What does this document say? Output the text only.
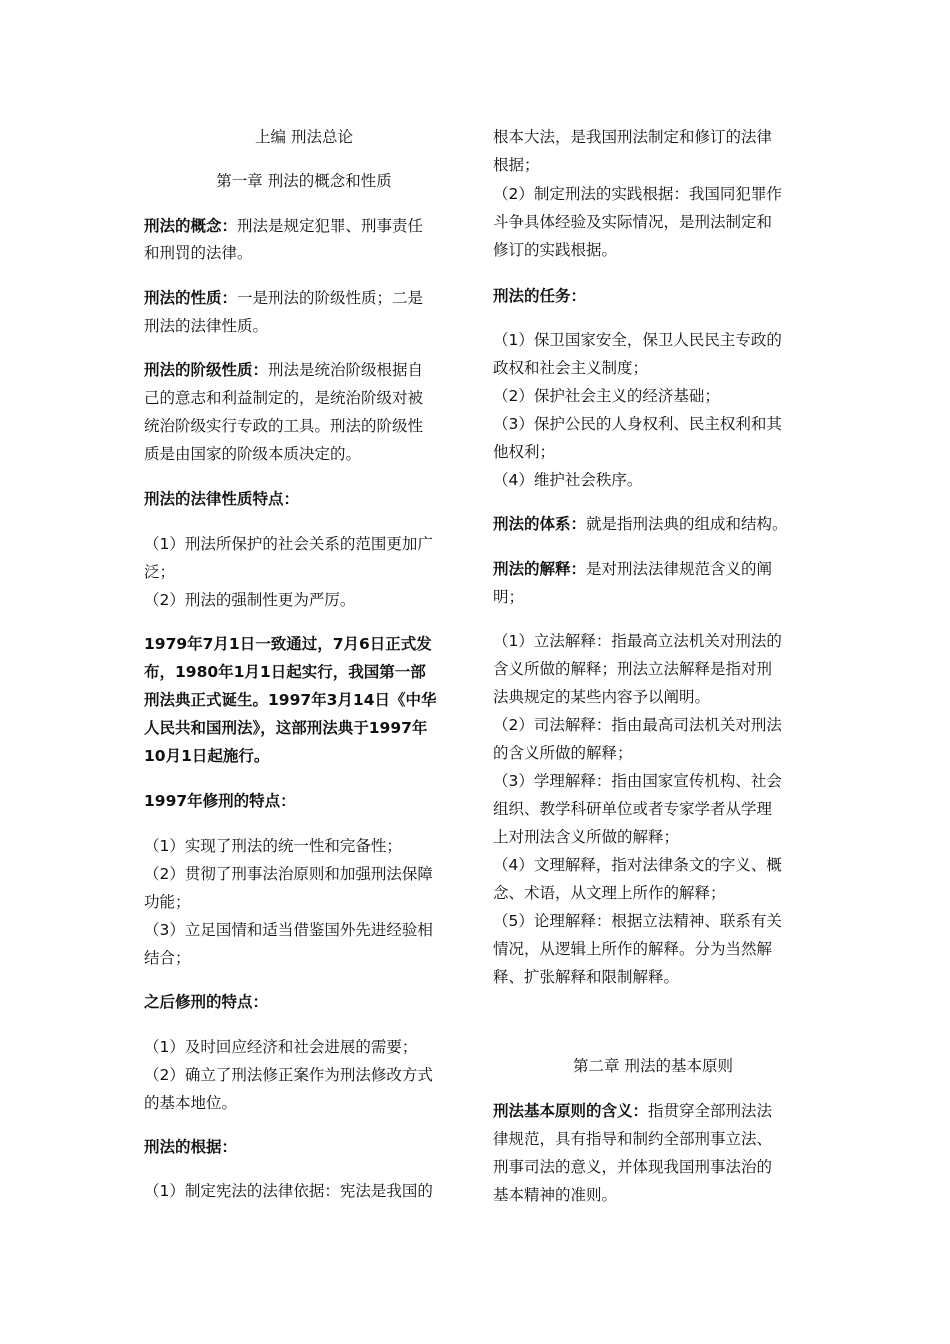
上编 刑法总论
第一章 刑法的概念和性质
刑法的概念：刑法是规定犯罪、刑事责任
和刑罚的法律。
刑法的性质：一是刑法的阶级性质；二是
刑法的法律性质。
刑法的阶级性质：刑法是统治阶级根据自
己的意志和利益制定的，是统治阶级对被
统治阶级实行专政的工具。刑法的阶级性
质是由国家的阶级本质决定的。
刑法的法律性质特点：
（1）刑法所保护的社会关系的范围更加广
泛；
（2）刑法的强制性更为严厉。
1979年7月1日一致通过，7月6日正式发
布，1980年1月1日起实行，我国第一部
刑法典正式诞生。1997年3月14日《中华
人民共和国刑法》，这部刑法典于1997年
10月1日起施行。
1997年修刑的特点：
（1）实现了刑法的统一性和完备性；
（2）贯彻了刑事法治原则和加强刑法保障
功能；
（3）立足国情和适当借鉴国外先进经验相
结合；
之后修刑的特点：
（1）及时回应经济和社会进展的需要；
（2）确立了刑法修正案作为刑法修改方式
的基本地位。
刑法的根据：
（1）制定宪法的法律依据：宪法是我国的
根本大法，是我国刑法制定和修订的法律
根据；
（2）制定刑法的实践根据：我国同犯罪作
斗争具体经验及实际情况，是刑法制定和
修订的实践根据。
刑法的任务：
（1）保卫国家安全，保卫人民民主专政的
政权和社会主义制度；
（2）保护社会主义的经济基础；
（3）保护公民的人身权利、民主权利和其
他权利；
（4）维护社会秩序。
刑法的体系：就是指刑法典的组成和结构。
刑法的解释：是对刑法法律规范含义的阐
明；
（1）立法解释：指最高立法机关对刑法的
含义所做的解释；刑法立法解释是指对刑
法典规定的某些内容予以阐明。
（2）司法解释：指由最高司法机关对刑法
的含义所做的解释；
（3）学理解释：指由国家宣传机构、社会
组织、教学科研单位或者专家学者从学理
上对刑法含义所做的解释；
（4）文理解释，指对法律条文的字义、概
念、术语，从文理上所作的解释；
（5）论理解释：根据立法精神、联系有关
情况，从逻辑上所作的解释。分为当然解
释、扩张解释和限制解释。
第二章 刑法的基本原则
刑法基本原则的含义：指贯穿全部刑法法
律规范，具有指导和制约全部刑事立法、
刑事司法的意义，并体现我国刑事法治的
基本精神的准则。
